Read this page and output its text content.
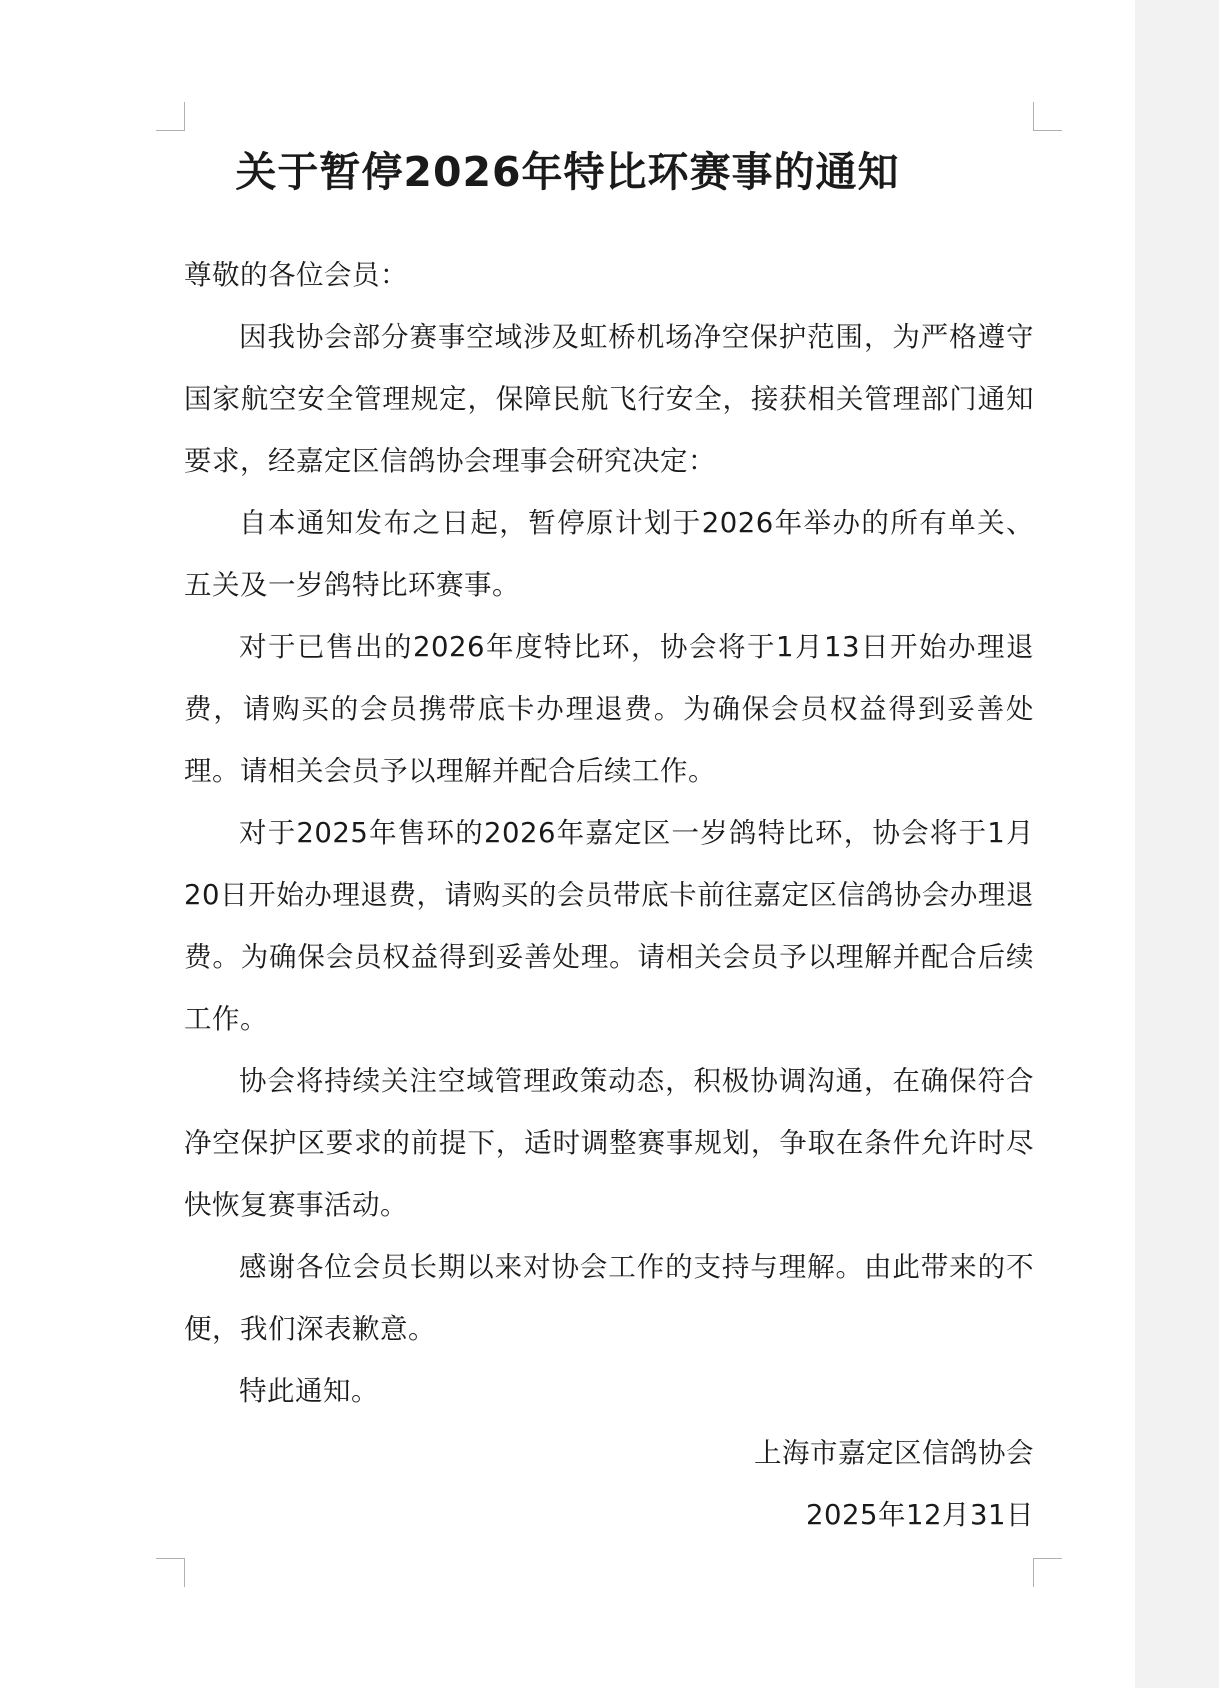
关于暂停2026年特比环赛事的通知

尊敬的各位会员：

因我协会部分赛事空域涉及虹桥机场净空保护范围，为严格遵守国家航空安全管理规定，保障民航飞行安全，接获相关管理部门通知要求，经嘉定区信鸽协会理事会研究决定：

自本通知发布之日起，暂停原计划于2026年举办的所有单关、五关及一岁鸽特比环赛事。

对于已售出的2026年度特比环，协会将于1月13日开始办理退费，请购买的会员携带底卡办理退费。为确保会员权益得到妥善处理。请相关会员予以理解并配合后续工作。

对于2025年售环的2026年嘉定区一岁鸽特比环，协会将于1月20日开始办理退费，请购买的会员带底卡前往嘉定区信鸽协会办理退费。为确保会员权益得到妥善处理。请相关会员予以理解并配合后续工作。

协会将持续关注空域管理政策动态，积极协调沟通，在确保符合净空保护区要求的前提下，适时调整赛事规划，争取在条件允许时尽快恢复赛事活动。

感谢各位会员长期以来对协会工作的支持与理解。由此带来的不便，我们深表歉意。

特此通知。

上海市嘉定区信鸽协会

2025年12月31日
